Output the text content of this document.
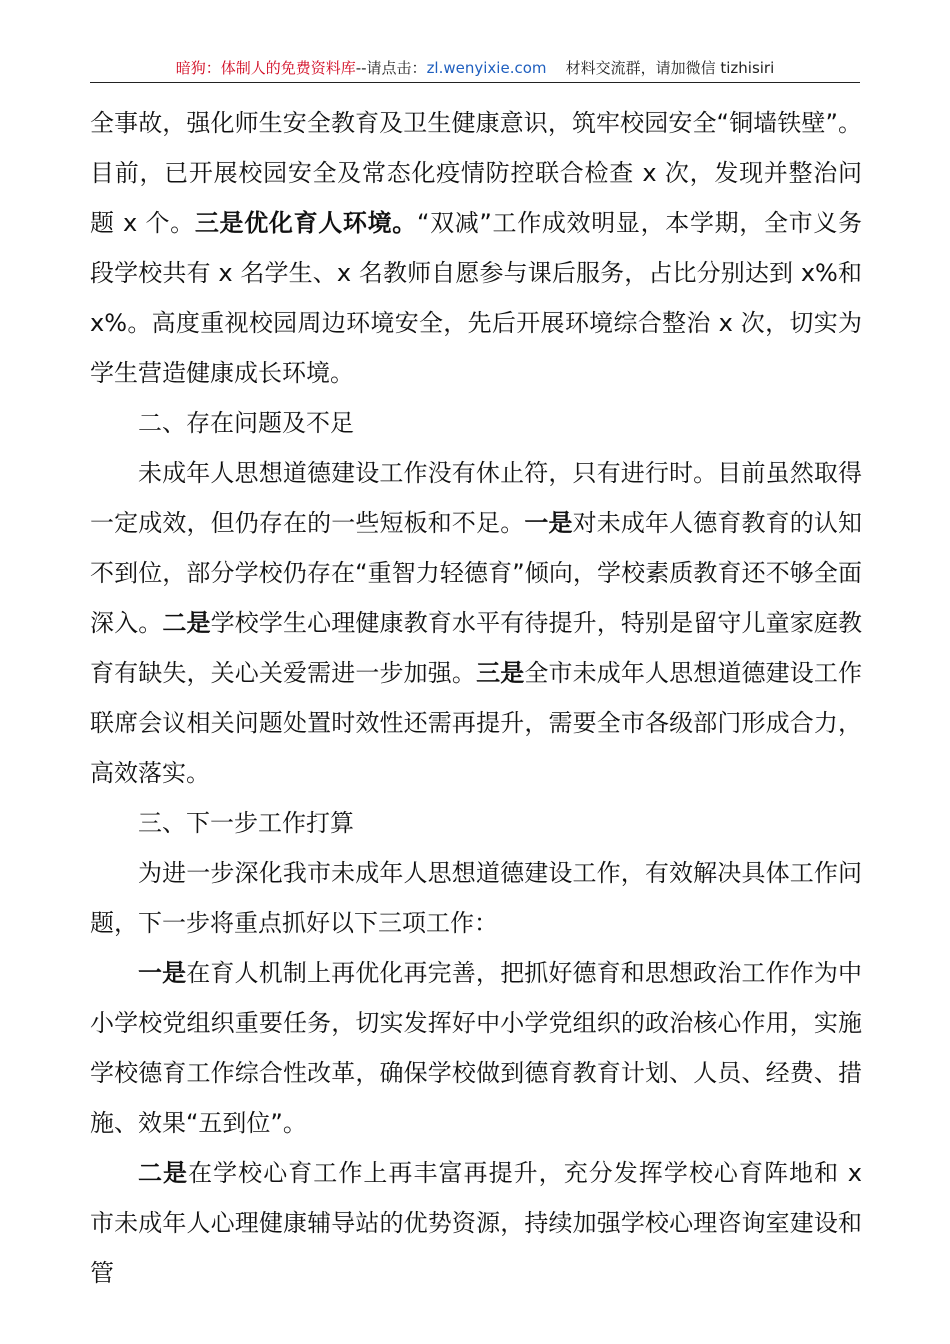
暗狗：体制人的免费资料库--请点击：zl.wenyixie.com 材料交流群，请加微信 tizhisiri

全事故，强化师生安全教育及卫生健康意识，筑牢校园安全“铜墙铁壁”。目前，已开展校园安全及常态化疫情防控联合检查 x 次，发现并整治问题 x 个。三是优化育人环境。“双减”工作成效明显，本学期，全市义务段学校共有 x 名学生、x 名教师自愿参与课后服务，占比分别达到 x%和 x%。高度重视校园周边环境安全，先后开展环境综合整治 x 次，切实为学生营造健康成长环境。

二、存在问题及不足

未成年人思想道德建设工作没有休止符，只有进行时。目前虽然取得一定成效，但仍存在的一些短板和不足。一是对未成年人德育教育的认知不到位，部分学校仍存在“重智力轻德育”倾向，学校素质教育还不够全面深入。二是学校学生心理健康教育水平有待提升，特别是留守儿童家庭教育有缺失，关心关爱需进一步加强。三是全市未成年人思想道德建设工作联席会议相关问题处置时效性还需再提升，需要全市各级部门形成合力，高效落实。

三、下一步工作打算

为进一步深化我市未成年人思想道德建设工作，有效解决具体工作问题，下一步将重点抓好以下三项工作：

一是在育人机制上再优化再完善，把抓好德育和思想政治工作作为中小学校党组织重要任务，切实发挥好中小学党组织的政治核心作用，实施学校德育工作综合性改革，确保学校做到德育教育计划、人员、经费、措施、效果“五到位”。

二是在学校心育工作上再丰富再提升，充分发挥学校心育阵地和 x 市未成年人心理健康辅导站的优势资源，持续加强学校心理咨询室建设和管
